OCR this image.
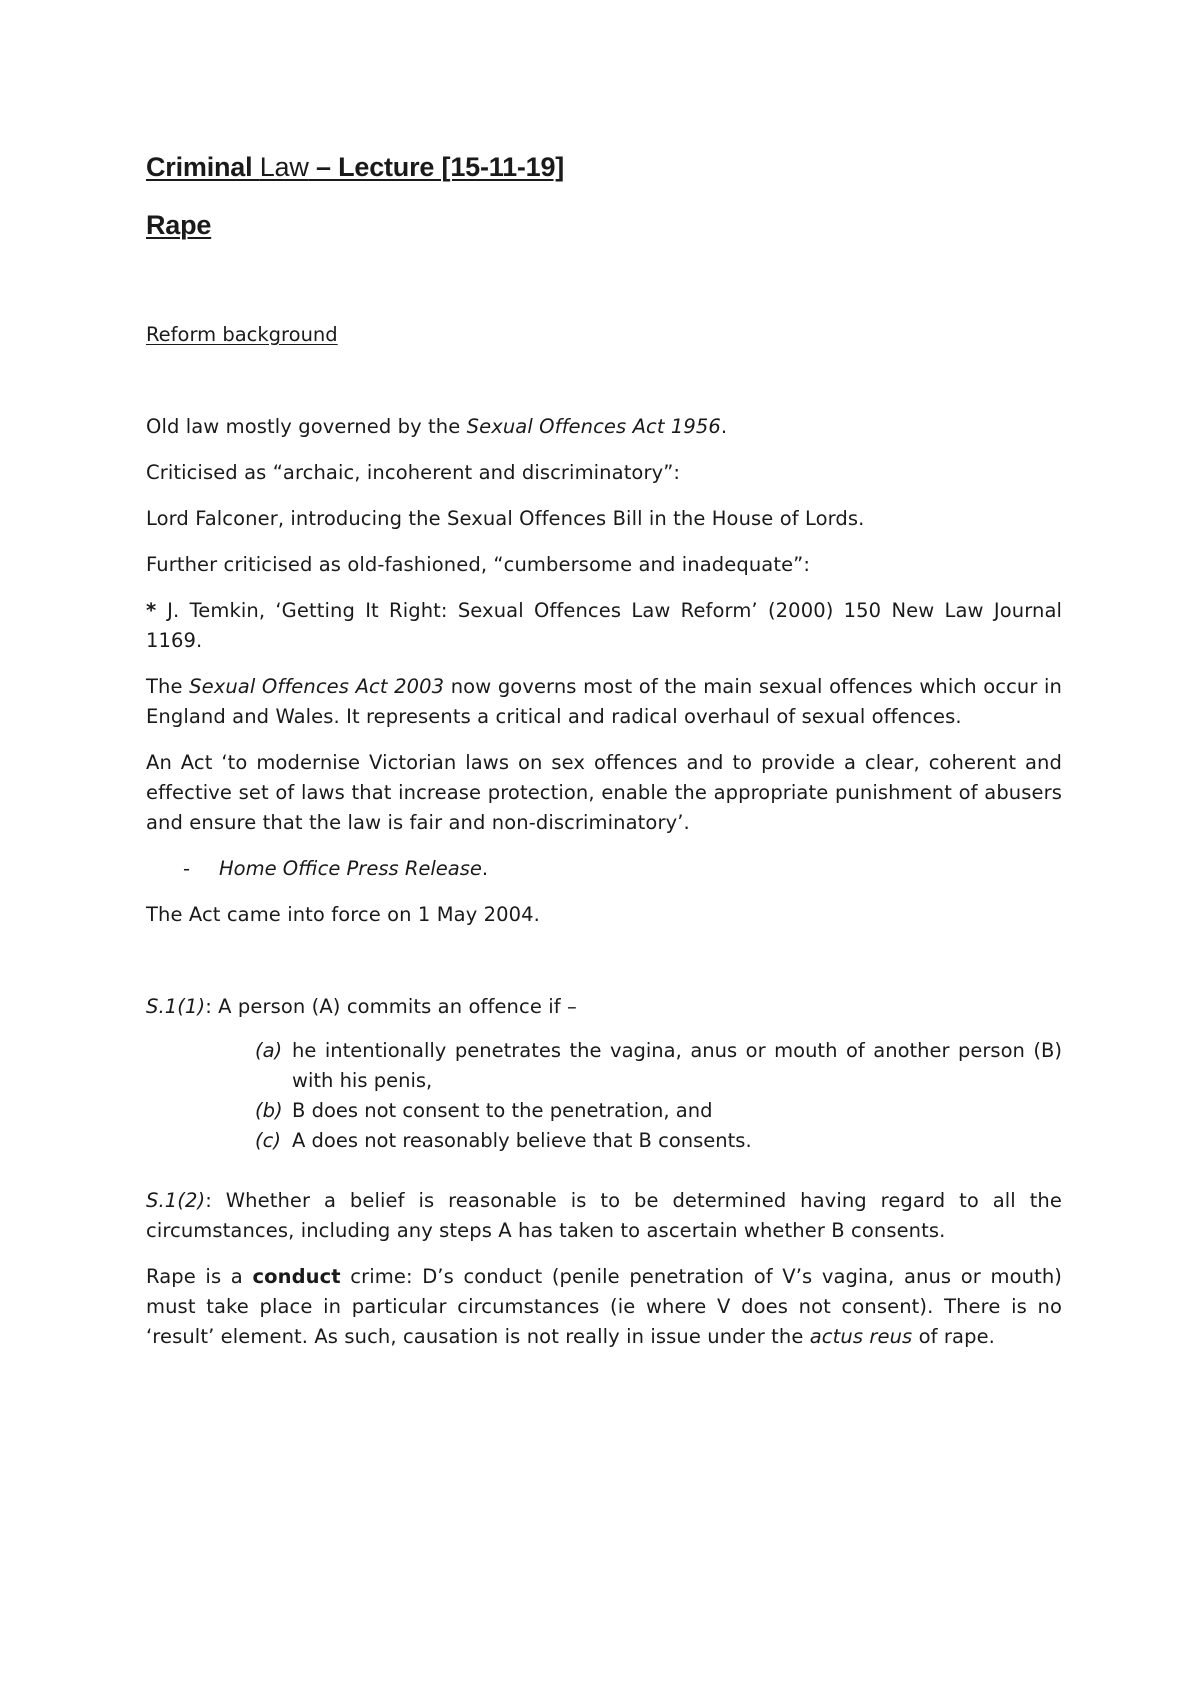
Criminal Law – Lecture [15-11-19]
Rape
Reform background

Old law mostly governed by the Sexual Offences Act 1956.

Criticised as “archaic, incoherent and discriminatory”:

Lord Falconer, introducing the Sexual Offences Bill in the House of Lords.

Further criticised as old-fashioned, “cumbersome and inadequate”:

* J. Temkin, ‘Getting It Right: Sexual Offences Law Reform’ (2000) 150 New Law Journal 1169.

The Sexual Offences Act 2003 now governs most of the main sexual offences which occur in England and Wales. It represents a critical and radical overhaul of sexual offences.

An Act ‘to modernise Victorian laws on sex offences and to provide a clear, coherent and effective set of laws that increase protection, enable the appropriate punishment of abusers and ensure that the law is fair and non-discriminatory’.

-	Home Office Press Release.

The Act came into force on 1 May 2004.

S.1(1): A person (A) commits an offence if –

(a) he intentionally penetrates the vagina, anus or mouth of another person (B) with his penis,
(b) B does not consent to the penetration, and
(c) A does not reasonably believe that B consents.

S.1(2): Whether a belief is reasonable is to be determined having regard to all the circumstances, including any steps A has taken to ascertain whether B consents.

Rape is a conduct crime: D’s conduct (penile penetration of V’s vagina, anus or mouth) must take place in particular circumstances (ie where V does not consent). There is no ‘result’ element. As such, causation is not really in issue under the actus reus of rape.
